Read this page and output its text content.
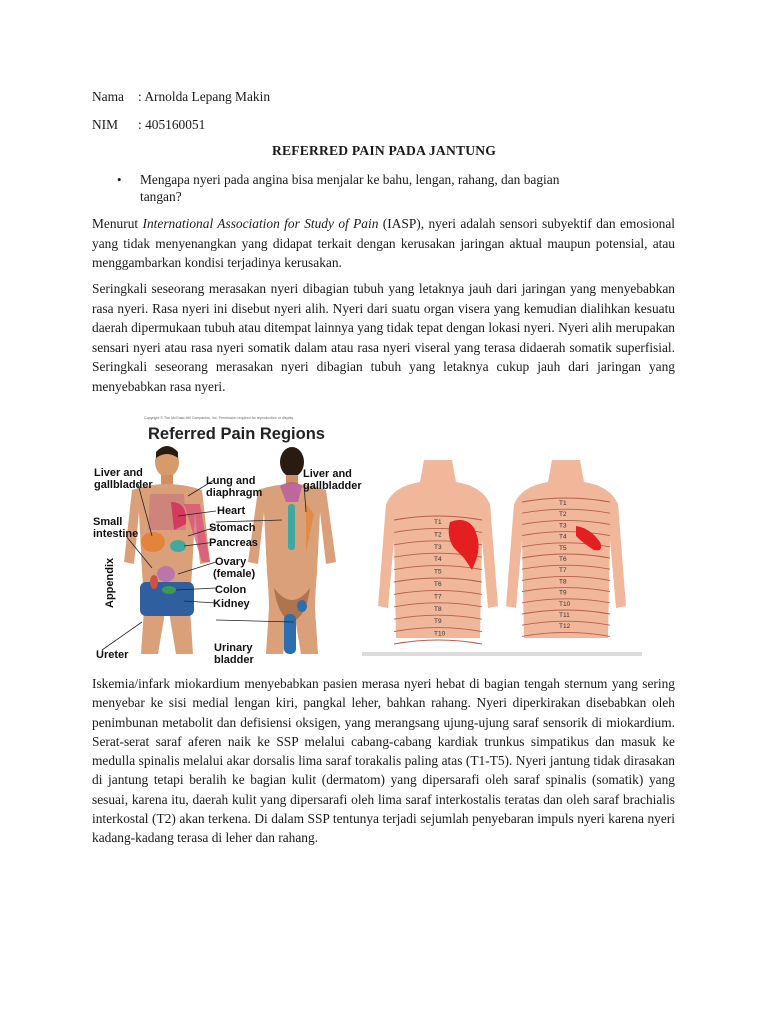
Nama : Arnolda Lepang Makin
NIM : 405160051
REFERRED PAIN PADA JANTUNG
• Mengapa nyeri pada angina bisa menjalar ke bahu, lengan, rahang, dan bagian
tangan?

Menurut International Association for Study of Pain (IASP), nyeri adalah sensori subyektif dan emosional yang tidak menyenangkan yang didapat terkait dengan kerusakan jaringan aktual maupun potensial, atau menggambarkan kondisi terjadinya kerusakan.

Seringkali seseorang merasakan nyeri dibagian tubuh yang letaknya jauh dari jaringan yang menyebabkan rasa nyeri. Rasa nyeri ini disebut nyeri alih. Nyeri dari suatu organ visera yang kemudian dialihkan kesuatu daerah dipermukaan tubuh atau ditempat lainnya yang tidak tepat dengan lokasi nyeri. Nyeri alih merupakan sensari nyeri atau rasa nyeri somatik dalam atau rasa nyeri viseral yang terasa didaerah somatik superfisial. Seringkali seseorang merasakan nyeri dibagian tubuh yang letaknya cukup jauh dari jaringan yang menyebabkan rasa nyeri.

Copyright © The McGraw-Hill Companies, Inc. Permission required for reproduction or display.
Referred Pain Regions
Liver and
gallbladder	Lung and
diaphragm
Heart
Stomach
Pancreas
Ovary
(female)
Colon
Kidney
Small
intestine
Appendix
Ureter
Urinary
bladder
Liver and
gallbladder
T1
T2
T3
T4
T5
T6
T7
T8
T9
T10
T1
T2
T3
T4
T5
T6
T7
T8
T9
T10
T11
T12

Iskemia/infark miokardium menyebabkan pasien merasa nyeri hebat di bagian tengah sternum yang sering menyebar ke sisi medial lengan kiri, pangkal leher, bahkan rahang. Nyeri diperkirakan disebabkan oleh penimbunan metabolit dan defisiensi oksigen, yang merangsang ujung-ujung saraf sensorik di miokardium. Serat-serat saraf aferen naik ke SSP melalui cabang-cabang kardiak trunkus simpatikus dan masuk ke medulla spinalis melalui akar dorsalis lima saraf torakalis paling atas (T1-T5). Nyeri jantung tidak dirasakan di jantung tetapi beralih ke bagian kulit (dermatom) yang dipersarafi oleh saraf spinalis (somatik) yang sesuai, karena itu, daerah kulit yang dipersarafi oleh lima saraf interkostalis teratas dan oleh saraf brachialis interkostal (T2) akan terkena. Di dalam SSP tentunya terjadi sejumlah penyebaran impuls nyeri karena nyeri kadang-kadang terasa di leher dan rahang.
